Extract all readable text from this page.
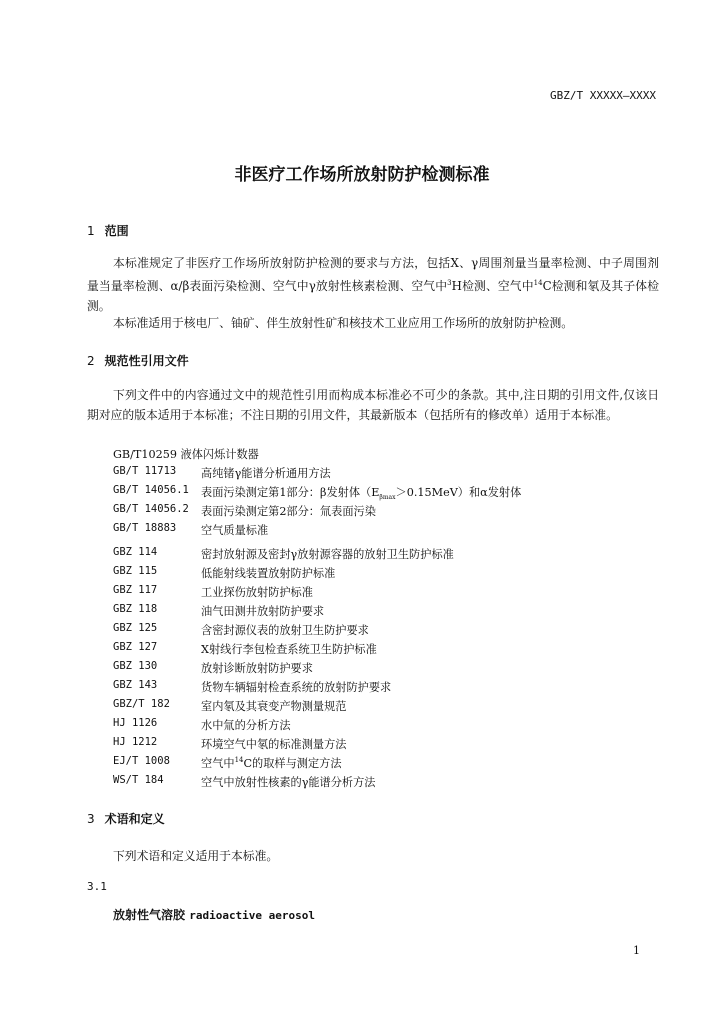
GBZ/T XXXXX—XXXX
非医疗工作场所放射防护检测标准
1 范围
本标准规定了非医疗工作场所放射防护检测的要求与方法，包括X、γ周围剂量当量率检测、中子周围剂量当量率检测、α/β表面污染检测、空气中γ放射性核素检测、空气中$^3$H检测、空气中$^{14}$C检测和氡及其子体检测。
本标准适用于核电厂、铀矿、伴生放射性矿和核技术工业应用工作场所的放射防护检测。
2 规范性引用文件
下列文件中的内容通过文中的规范性引用而构成本标准必不可少的条款。其中,注日期的引用文件,仅该日期对应的版本适用于本标准；不注日期的引用文件，其最新版本（包括所有的修改单）适用于本标准。
GB/T10259 液体闪烁计数器
GB/T 11713 高纯锗γ能谱分析通用方法
GB/T 14056.1 表面污染测定第1部分：β发射体$(E_{\beta max}>0.15MeV)$和α发射体
GB/T 14056.2 表面污染测定第2部分：氚表面污染
GB/T 18883 空气质量标准
GBZ 114	密封放射源及密封γ放射源容器的放射卫生防护标准
GBZ 115	低能射线装置放射防护标准
GBZ 117	工业探伤放射防护标准
GBZ 118	油气田测井放射防护要求
GBZ 125	含密封源仪表的放射卫生防护要求
GBZ 127	X射线行李包检查系统卫生防护标准
GBZ 130	放射诊断放射防护要求
GBZ 143	货物车辆辐射检查系统的放射防护要求
GBZ/T 182	室内氡及其衰变产物测量规范
HJ 1126	水中氚的分析方法
HJ 1212	环境空气中氡的标准测量方法
EJ/T 1008	空气中$^{14}$C的取样与测定方法
WS/T 184	空气中放射性核素的γ能谱分析方法
3 术语和定义
下列术语和定义适用于本标准。
3.1
放射性气溶胶 radioactive aerosol
1
